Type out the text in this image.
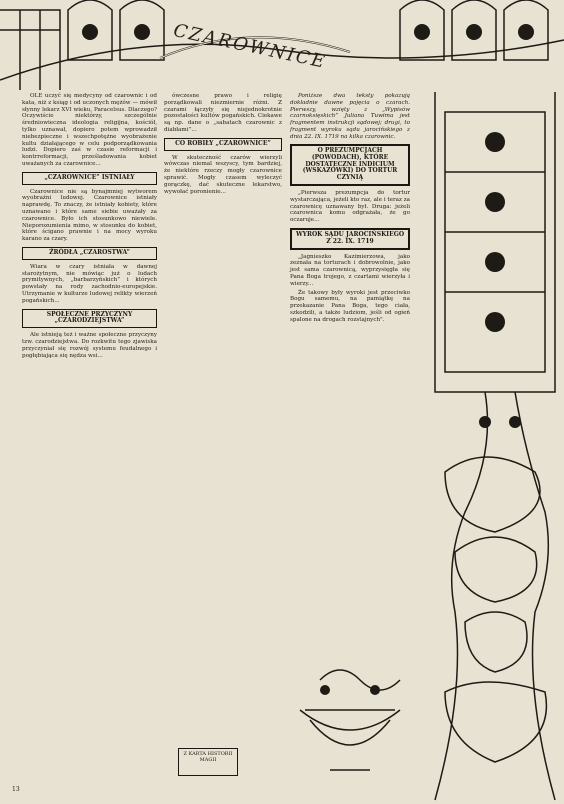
CZAROWNICE

OLE uczyć się medycyny od czarownic i od kata, niż z ksiąg i od uczonych mężów — mówił słynny lekarz XVI wieku, Paracelsus. Dlaczego? Oczywiście niektórzy, szczególnie średniowieczna ideologia religijna, kościół, tylko uznawał, dopiero potem wprowadził niebezpieczne i wszechpotężne wyobrażenie kultu działającego w celu podporządkowania ludzi. Dopiero zaś w czasie reformacji i kontrreformacji, prześladowania kobiet uważanych za czarownice...

„CZAROWNICE” ISTNIAŁY

Czarownice nie są bynajmniej wytworem wyobraźni ludowej. Czarownice istniały naprawdę. To znaczy, że istniały kobiety, które uznawano i które same siebie uważały za czarownice. Było ich stosunkowo niewiele. Nieporozumienia mimo, w stosunku do kobiet, które ścigano prawnie i na mocy wyroku karano za czary.

ŹRÓDŁA „CZAROSTWA”

Wiara w czary istniała w dawnej starożytnym, nie mówiąc już o ludach prymitywnych, „barbarzyńskich” i których powstały na rody zachodnio-europejskie. Utrzymanie w kulturze ludowej relikty wierzeń pogańskich...

SPOŁECZNE PRZYCZYNY „CZARODZIEJSTWA”

Ale istnieją też i ważne społeczne przyczyny tzw. czarodziejstwa. Do rozkwitu tego zjawiska przyczyniał się rozwój systemu feudalnego i pogłębiająca się nędza wsi...

ówczesne prawo i religię porządkowali niezmiernie różni. Z czarami łączyły się niejednokrotnie pozostałości kultów pogańskich. Ciekawe są np. dane o „sabatach czarownic z diabłami”...

CO ROBIŁY „CZAROWNICE”

W skuteczność czarów wierzyli wówczas niemal wszyscy, tym bardziej, że niektóre rzeczy mogły czarownice sprawić. Mogły czasem wyleczyć gorączkę, dać skuteczne lekarstwo, wywołać poronienie...

Poniższe dwa teksty pokazują dokładnie dawne pojęcia o czarach. Pierwszy, wzięty z „Wypisów czarnoksięskich” Juliana Tuwima jest fragmentem instrukcji sądowej; drugi, to fragment wyroku sądu jarocińskiego z dnia 22. IX. 1719 na kilka czarownic.

O PREZUMPCJACH (POWODACH), KTÓRE DOSTATECZNE INDICIUM (WSKAZÓWKI) DO TORTUR CZYNIĄ

„Pierwsza prezumpcja do tortur wystarczająca, jeżeli kto raz, ale i teraz za czarownicę uznawany był. Druga: jeżeli czarownica komu odgrażała, że go oczaruje...

WYROK SĄDU JAROCIŃSKIEGO Z 22. IX. 1719

„Jagnieszko Kazimierzowa, jako zeznała na torturach i dobrowolnie, jako jest sama czarownicą, wyprzysięgła się Pana Boga trojego, z czartami wierzyła i wierzy...

Że takowy były wyroki jest przeciwko Bogu samemu, na pamiątkę na przekazanie Pana Boga, tego ciała, szkodzili, a także ludziom, jeśli od ogień spalone na drogach rozstajnych".

Z KARTA HISTORII MAGII
13
